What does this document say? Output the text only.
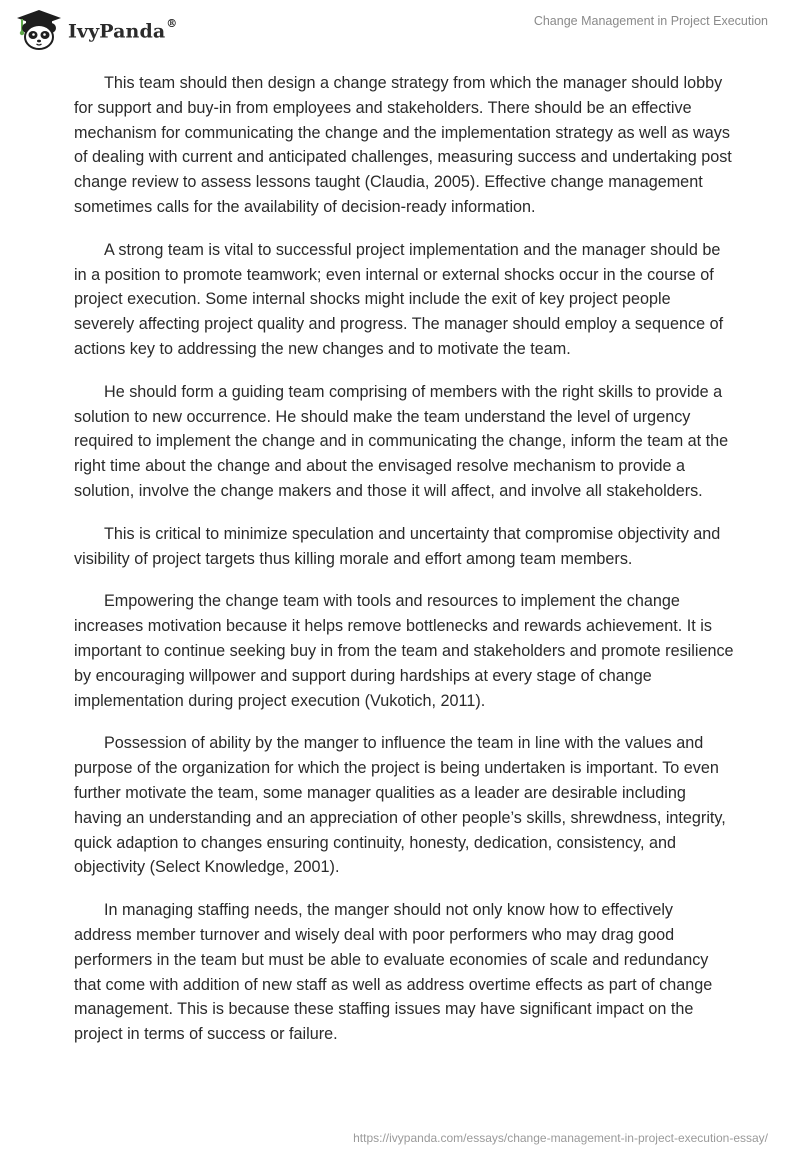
IvyPanda®	Change Management in Project Execution

This team should then design a change strategy from which the manager should lobby for support and buy-in from employees and stakeholders. There should be an effective mechanism for communicating the change and the implementation strategy as well as ways of dealing with current and anticipated challenges, measuring success and undertaking post change review to assess lessons taught (Claudia, 2005). Effective change management sometimes calls for the availability of decision-ready information.

A strong team is vital to successful project implementation and the manager should be in a position to promote teamwork; even internal or external shocks occur in the course of project execution. Some internal shocks might include the exit of key project people severely affecting project quality and progress. The manager should employ a sequence of actions key to addressing the new changes and to motivate the team.

He should form a guiding team comprising of members with the right skills to provide a solution to new occurrence. He should make the team understand the level of urgency required to implement the change and in communicating the change, inform the team at the right time about the change and about the envisaged resolve mechanism to provide a solution, involve the change makers and those it will affect, and involve all stakeholders.

This is critical to minimize speculation and uncertainty that compromise objectivity and visibility of project targets thus killing morale and effort among team members.

Empowering the change team with tools and resources to implement the change increases motivation because it helps remove bottlenecks and rewards achievement. It is important to continue seeking buy in from the team and stakeholders and promote resilience by encouraging willpower and support during hardships at every stage of change implementation during project execution (Vukotich, 2011).

Possession of ability by the manger to influence the team in line with the values and purpose of the organization for which the project is being undertaken is important. To even further motivate the team, some manager qualities as a leader are desirable including having an understanding and an appreciation of other people’s skills, shrewdness, integrity, quick adaption to changes ensuring continuity, honesty, dedication, consistency, and objectivity (Select Knowledge, 2001).

In managing staffing needs, the manger should not only know how to effectively address member turnover and wisely deal with poor performers who may drag good performers in the team but must be able to evaluate economies of scale and redundancy that come with addition of new staff as well as address overtime effects as part of change management. This is because these staffing issues may have significant impact on the project in terms of success or failure.

https://ivypanda.com/essays/change-management-in-project-execution-essay/
